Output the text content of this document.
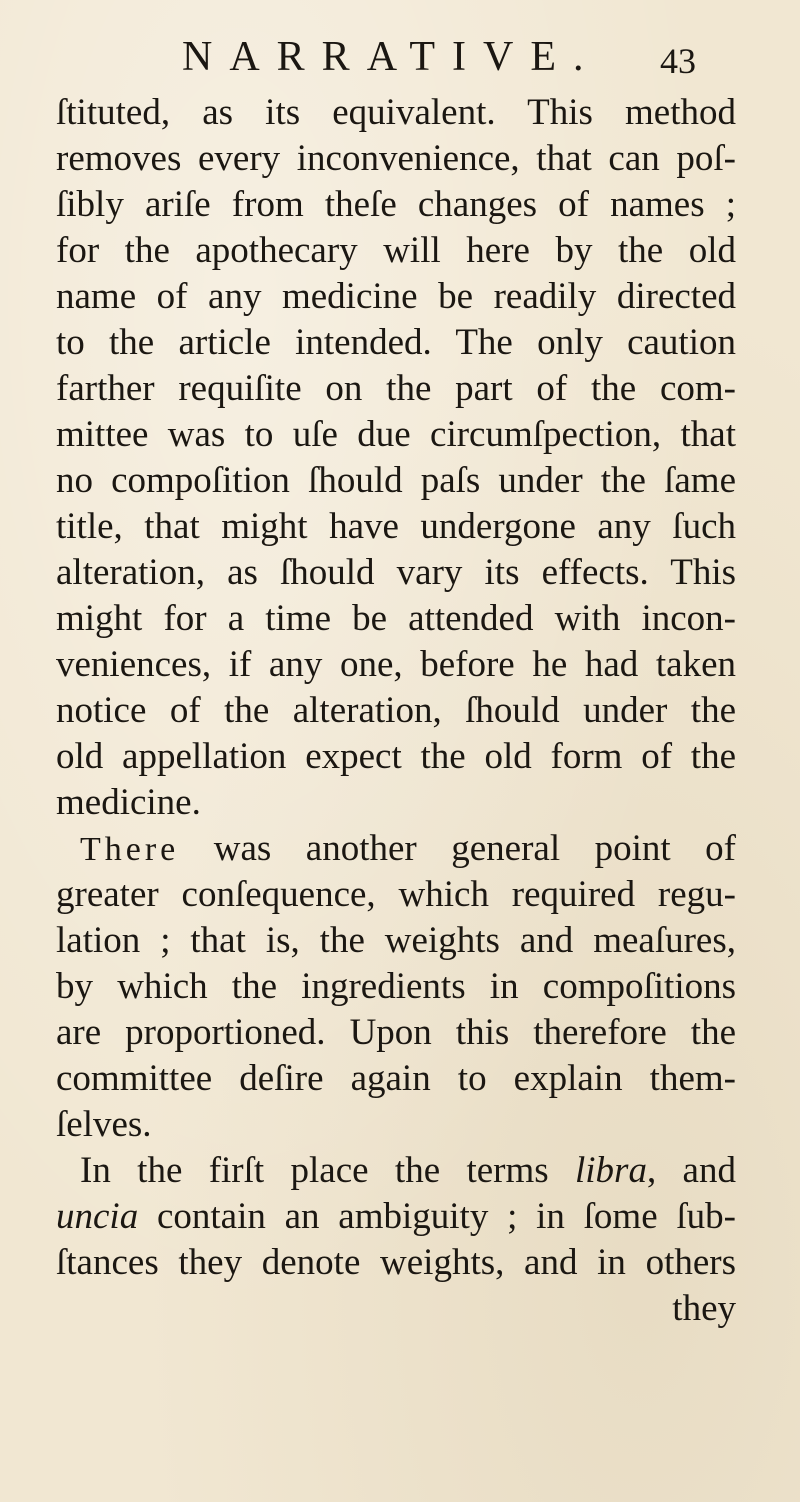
NARRATIVE. 43
ſtituted, as its equivalent. This method
removes every inconvenience, that can poſ-
ſibly ariſe from theſe changes of names ;
for the apothecary will here by the old
name of any medicine be readily directed
to the article intended. The only caution
farther requiſite on the part of the com-
mittee was to uſe due circumſpection, that
no compoſition ſhould paſs under the ſame
title, that might have undergone any ſuch
alteration, as ſhould vary its effects. This
might for a time be attended with incon-
veniences, if any one, before he had taken
notice of the alteration, ſhould under the
old appellation expect the old form of the
medicine.
There was another general point of
greater conſequence, which required regu-
lation ; that is, the weights and meaſures,
by which the ingredients in compoſitions
are proportioned. Upon this therefore the
committee deſire again to explain them-
ſelves.
In the firſt place the terms libra, and
uncia contain an ambiguity ; in ſome ſub-
ſtances they denote weights, and in others
they
